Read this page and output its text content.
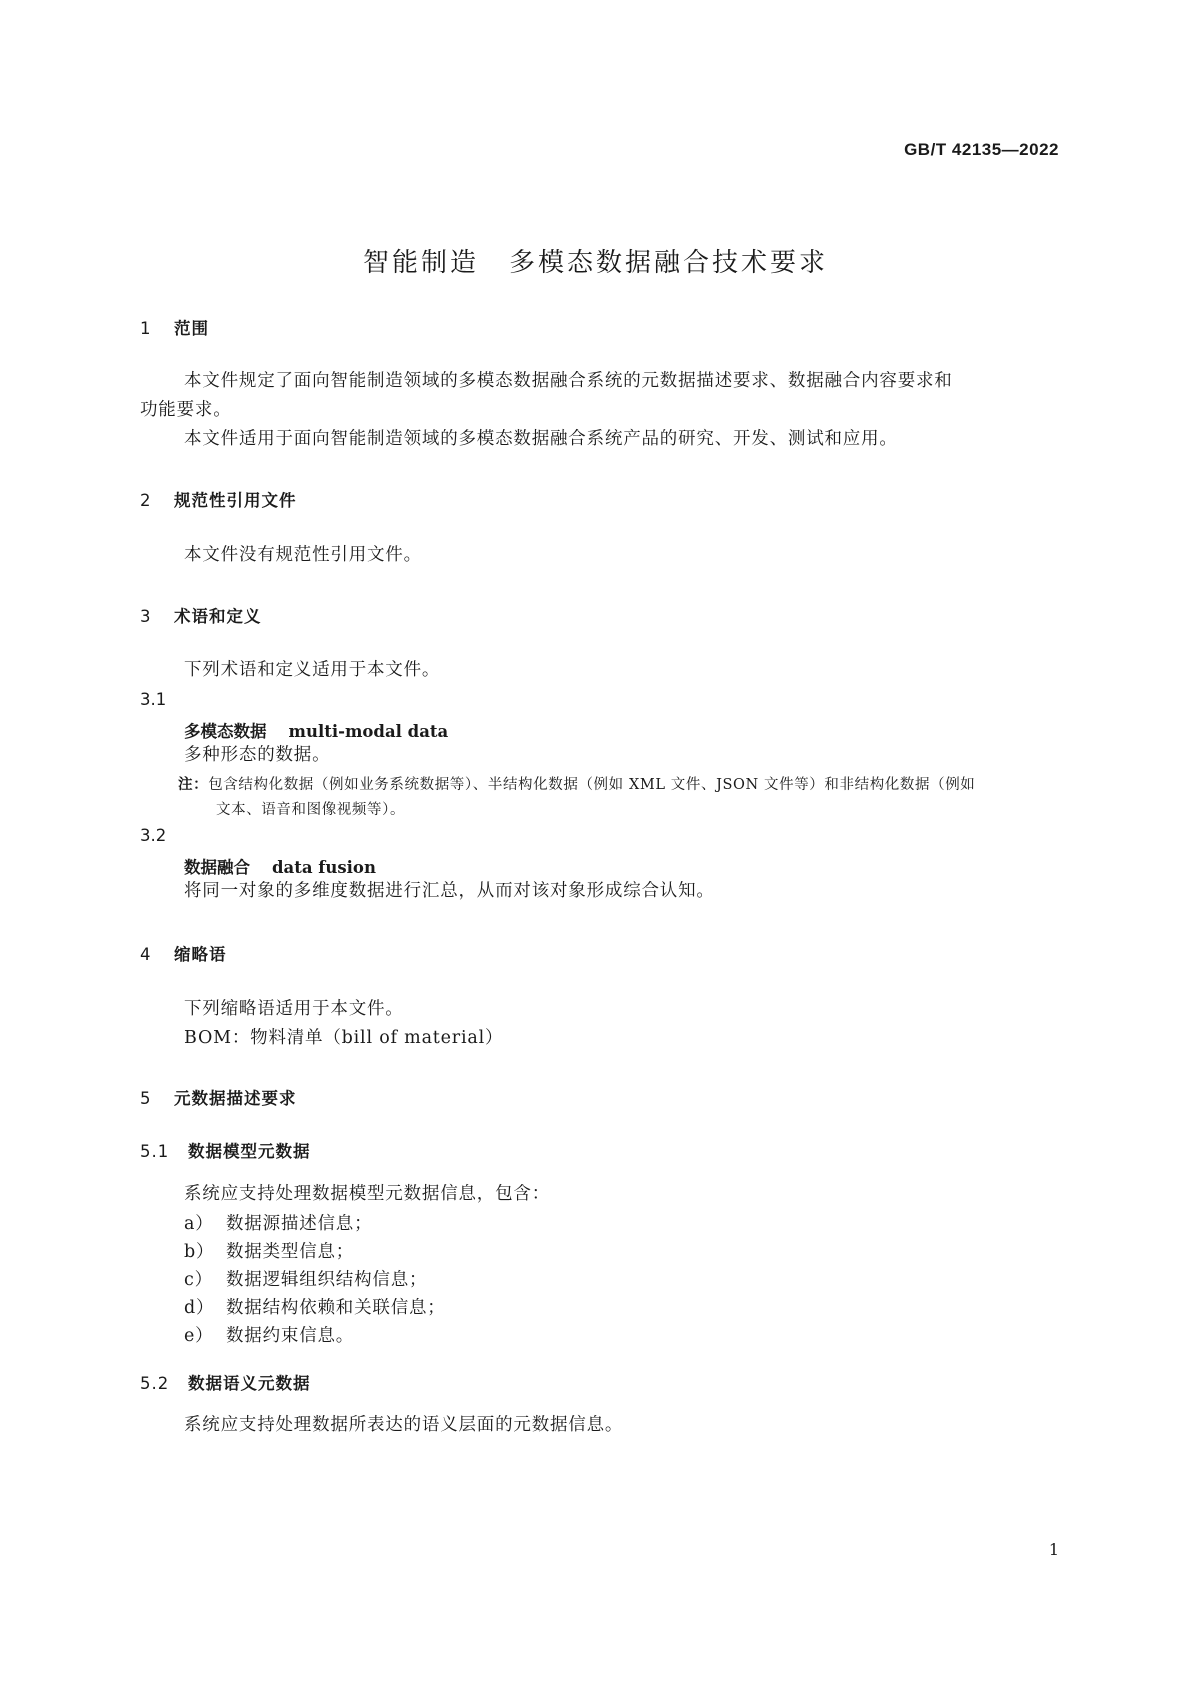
GB/T 42135—2022
智能制造 多模态数据融合技术要求
1 范围
本文件规定了面向智能制造领域的多模态数据融合系统的元数据描述要求、数据融合内容要求和
功能要求。
本文件适用于面向智能制造领域的多模态数据融合系统产品的研究、开发、测试和应用。
2 规范性引用文件
本文件没有规范性引用文件。
3 术语和定义
下列术语和定义适用于本文件。
3.1
多模态数据 multi-modal data
多种形态的数据。
注：包含结构化数据（例如业务系统数据等）、半结构化数据（例如 XML 文件、JSON 文件等）和非结构化数据（例如
文本、语音和图像视频等）。
3.2
数据融合 data fusion
将同一对象的多维度数据进行汇总，从而对该对象形成综合认知。
4 缩略语
下列缩略语适用于本文件。
BOM：物料清单（bill of material）
5 元数据描述要求
5.1 数据模型元数据
系统应支持处理数据模型元数据信息，包含：
a） 数据源描述信息；
b） 数据类型信息；
c） 数据逻辑组织结构信息；
d） 数据结构依赖和关联信息；
e） 数据约束信息。
5.2 数据语义元数据
系统应支持处理数据所表达的语义层面的元数据信息。
1
